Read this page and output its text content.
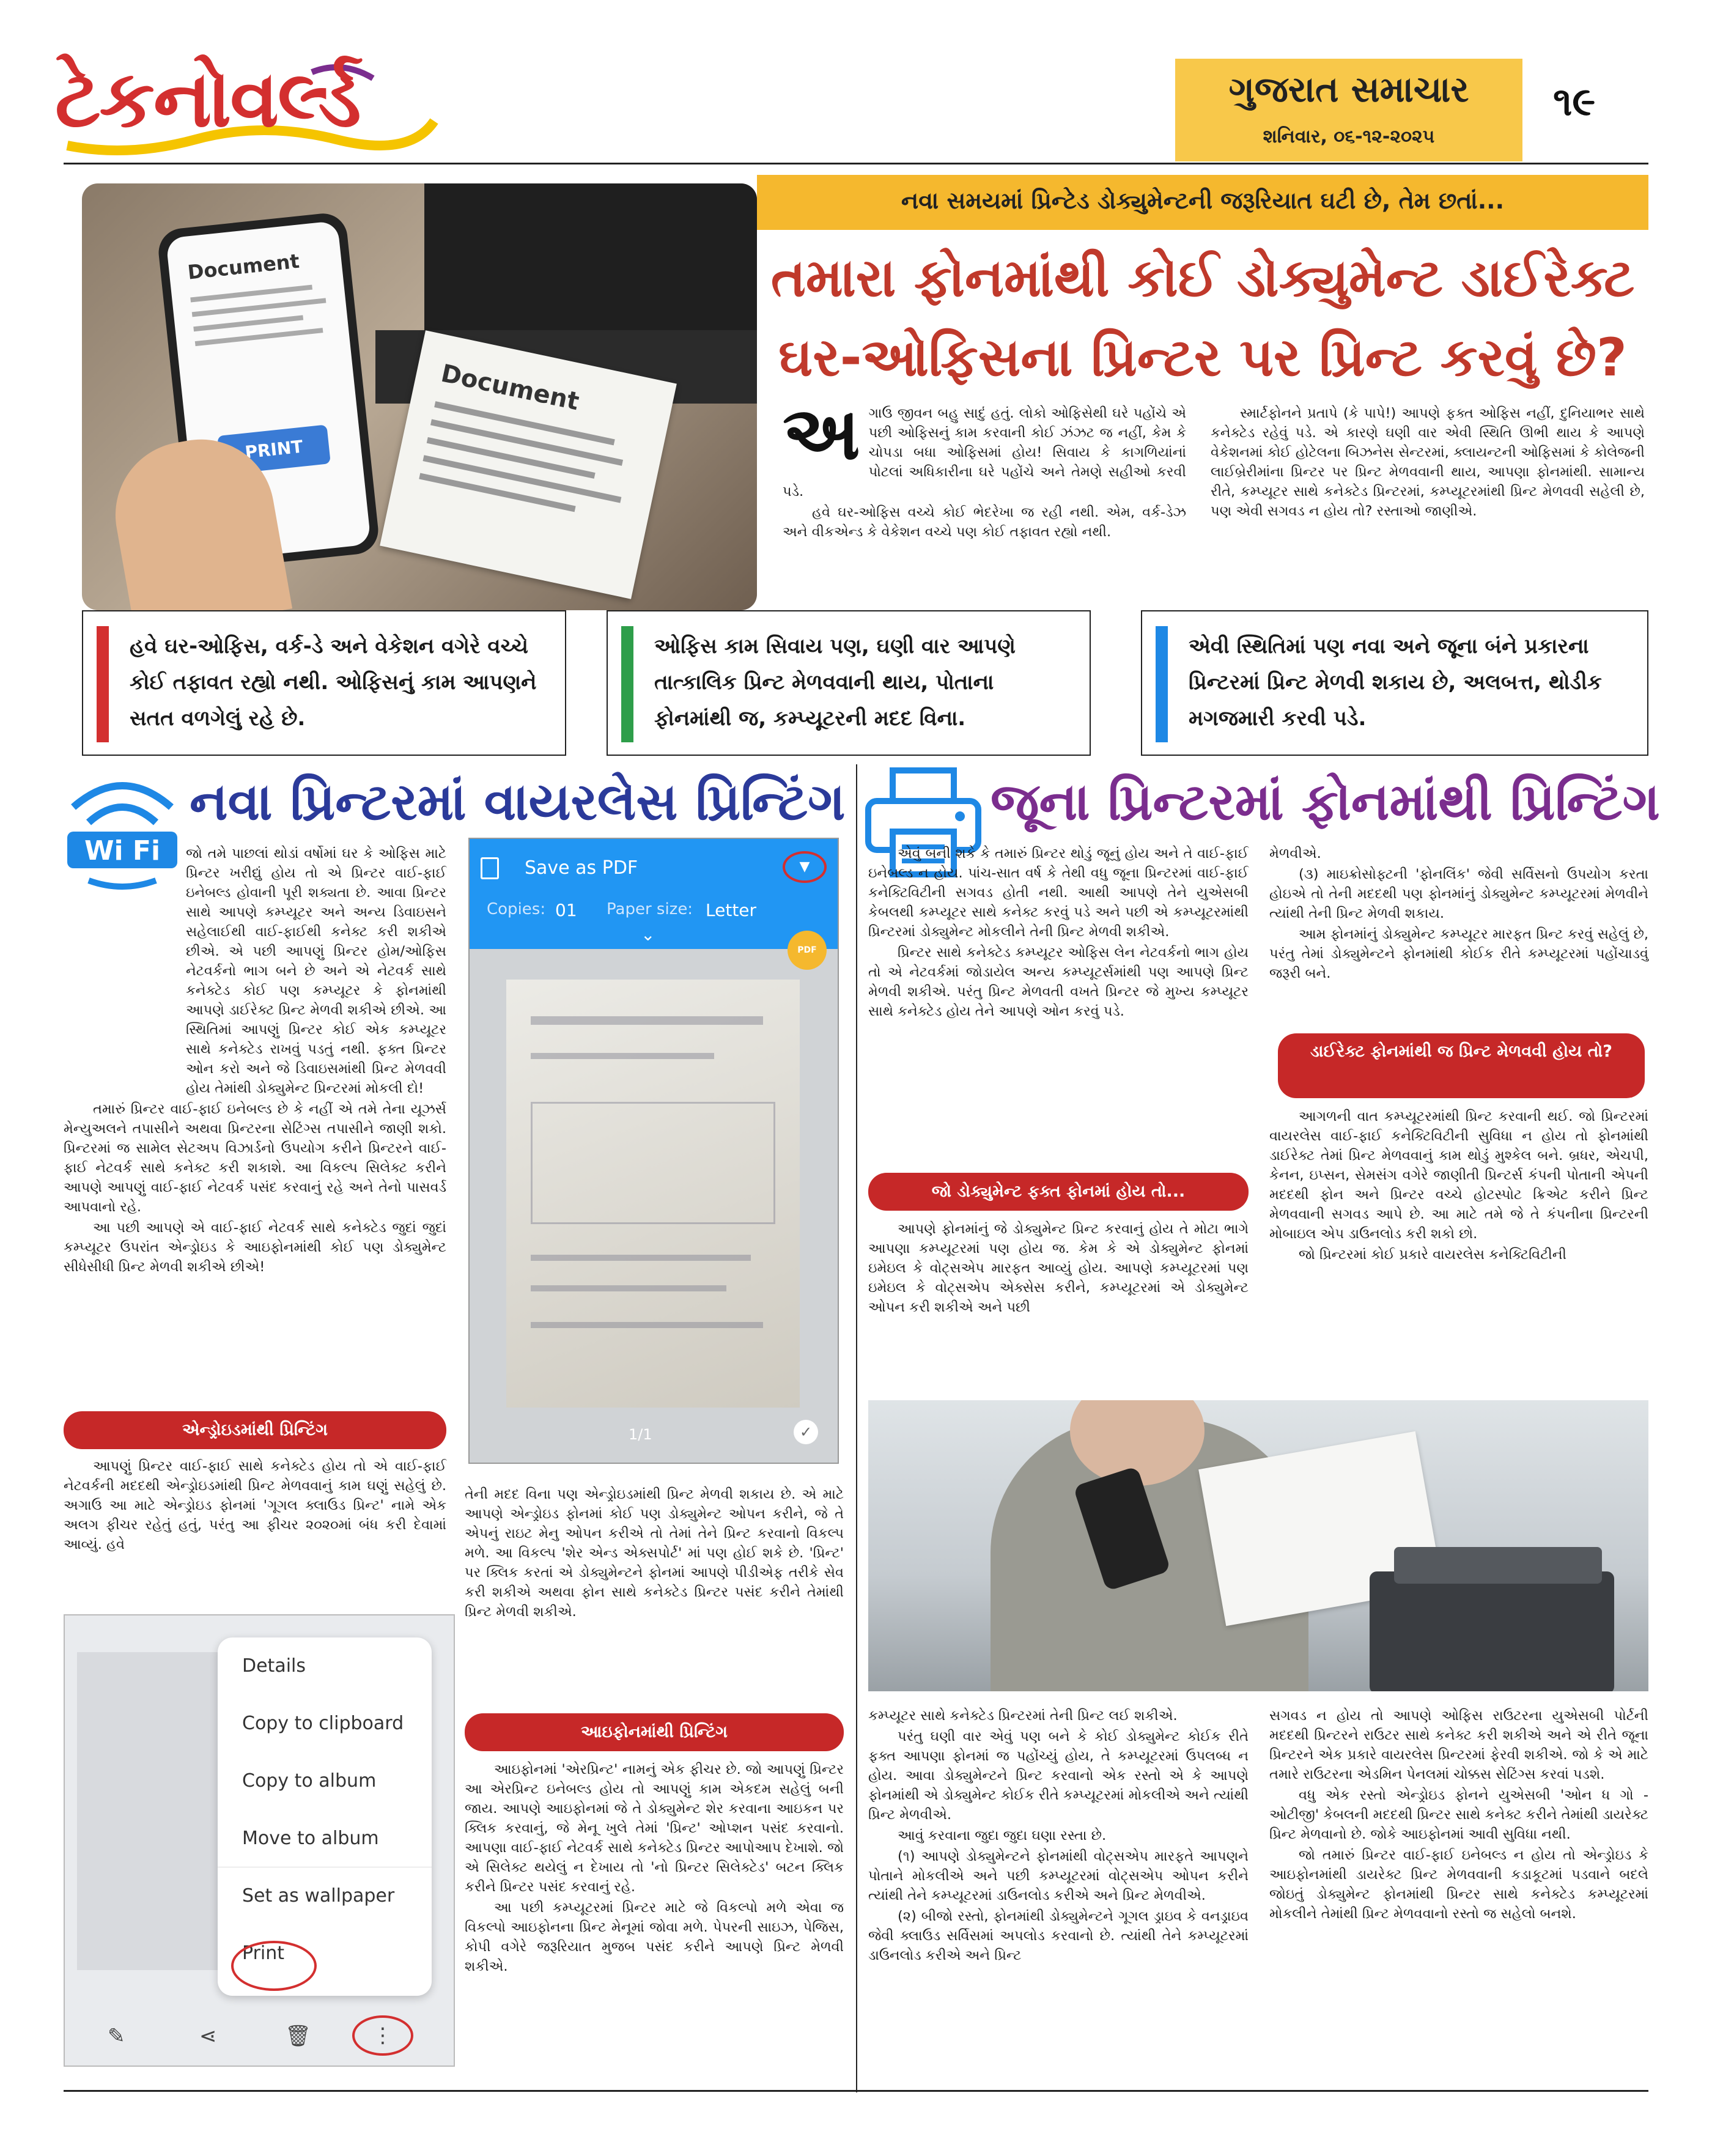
ટેકનોવર્લ્ડ	ગુજરાત સમાચાર
શનિવાર, ૦૬-૧૨-૨૦૨૫
૧૯
Document
Document
PRINT
નવા સમયમાં પ્રિન્ટેડ ડોક્યુમેન્ટની જરૂરિયાત ઘટી છે, તેમ છતાં...
તમારા ફોનમાંથી કોઈ ડોક્યુમેન્ટ ડાઈરેક્ટ
ઘર-ઓફિસના પ્રિન્ટર પર પ્રિન્ટ કરવું છે?
અ ગાઉ જીવન બહુ સાદું હતું. લોકો ઓફિસેથી ઘરે પહોંચે એ પછી ઓફિસનું કામ કરવાની કોઈ ઝંઝટ જ નહીં, કેમ કે ચોપડા બધા ઓફિસમાં હોય! સિવાય કે કાગળિયાંનાં પોટલાં અધિકારીના ઘરે પહોંચે અને તેમણે સહીઓ કરવી પડે.

હવે ઘર-ઓફિસ વચ્ચે કોઈ ભેદરેખા જ રહી નથી. એમ, વર્ક-ડેઝ અને વીકએન્ડ કે વેકેશન વચ્ચે પણ કોઈ તફાવત રહ્યો નથી.

સ્માર્ટફોનને પ્રતાપે (કે પાપે!) આપણે ફક્ત ઓફિસ નહીં, દુનિયાભર સાથે કનેક્ટેડ રહેવું પડે. એ કારણે ઘણી વાર એવી સ્થિતિ ઊભી થાય કે આપણે વેકેશનમાં કોઈ હોટેલના બિઝનેસ સેન્ટરમાં, ક્લાયન્ટની ઓફિસમાં કે કોલેજની લાઈબ્રેરીમાંના પ્રિન્ટર પર પ્રિન્ટ મેળવવાની થાય, આપણા ફોનમાંથી. સામાન્ય રીતે, કમ્પ્યૂટર સાથે કનેક્ટેડ પ્રિન્ટરમાં, કમ્પ્યૂટરમાંથી પ્રિન્ટ મેળવવી સહેલી છે, પણ એવી સગવડ ન હોય તો? રસ્તાઓ જાણીએ.

હવે ઘર-ઓફિસ, વર્ક-ડે અને વેકેશન વગેરે વચ્ચે કોઈ તફાવત રહ્યો નથી. ઓફિસનું કામ આપણને સતત વળગેલું રહે છે.
ઓફિસ કામ સિવાય પણ, ઘણી વાર આપણે તાત્કાલિક પ્રિન્ટ મેળવવાની થાય, પોતાના ફોનમાંથી જ, કમ્પ્યૂટરની મદદ વિના.
એવી સ્થિતિમાં પણ નવા અને જૂના બંને પ્રકારના પ્રિન્ટરમાં પ્રિન્ટ મેળવી શકાય છે, અલબત્ત, થોડીક મગજમારી કરવી પડે.
Wi Fi
નવા પ્રિન્ટરમાં વાયરલેસ પ્રિન્ટિંગ

જો તમે પાછલાં થોડાં વર્ષોમાં ઘર કે ઓફિસ માટે પ્રિન્ટર ખરીદ્યું હોય તો એ પ્રિન્ટર વાઈ-ફાઈ ઇનેબલ્ડ હોવાની પૂરી શક્યતા છે. આવા પ્રિન્ટર સાથે આપણે કમ્પ્યૂટર અને અન્ય ડિવાઇસને સહેલાઈથી વાઈ-ફાઈથી કનેક્ટ કરી શકીએ છીએ. એ પછી આપણું પ્રિન્ટર હોમ/ઓફિસ નેટવર્કનો ભાગ બને છે અને એ નેટવર્ક સાથે કનેક્ટેડ કોઈ પણ કમ્પ્યૂટર કે ફોનમાંથી આપણે ડાઈરેક્ટ પ્રિન્ટ મેળવી શકીએ છીએ. આ સ્થિતિમાં આપણું પ્રિન્ટર કોઈ એક કમ્પ્યૂટર સાથે કનેક્ટેડ રાખવું પડતું નથી. ફક્ત પ્રિન્ટર ઓન કરો અને જે ડિવાઇસમાંથી પ્રિન્ટ મેળવવી હોય તેમાંથી ડોક્યુમેન્ટ પ્રિન્ટરમાં મોકલી દો!

તમારું પ્રિન્ટર વાઈ-ફાઈ ઇનેબલ્ડ છે કે નહીં એ તમે તેના યૂઝર્સ મેન્યુઅલને તપાસીને અથવા પ્રિન્ટરના સેટિંગ્સ તપાસીને જાણી શકો. પ્રિન્ટરમાં જ સામેલ સેટઅપ વિઝાર્ડનો ઉપયોગ કરીને પ્રિન્ટરને વાઈ-ફાઈ નેટવર્ક સાથે કનેક્ટ કરી શકાશે. આ વિકલ્પ સિલેક્ટ કરીને આપણે આપણું વાઈ-ફાઈ નેટવર્ક પસંદ કરવાનું રહે અને તેનો પાસવર્ડ આપવાનો રહે.

આ પછી આપણે એ વાઈ-ફાઈ નેટવર્ક સાથે કનેક્ટેડ જુદાં જુદાં કમ્પ્યૂટર ઉપરાંત એન્ડ્રોઇડ કે આઇફોનમાંથી કોઈ પણ ડોક્યુમેન્ટ સીધેસીધી પ્રિન્ટ મેળવી શકીએ છીએ!

એન્ડ્રોઇડમાંથી પ્રિન્ટિંગ

આપણું પ્રિન્ટર વાઈ-ફાઈ સાથે કનેક્ટેડ હોય તો એ વાઈ-ફાઈ નેટવર્કની મદદથી એન્ડ્રોઇડમાંથી પ્રિન્ટ મેળવવાનું કામ ઘણું સહેલું છે. અગાઉ આ માટે એન્ડ્રોઇડ ફોનમાં 'ગૂગલ ક્લાઉડ પ્રિન્ટ' નામે એક અલગ ફીચર રહેતું હતું, પરંતુ આ ફીચર ૨૦૨૦માં બંધ કરી દેવામાં આવ્યું. હવે

Save as PDF	▼
Copies: 01 Paper size: Letter
⌄
PDF
1/1	✓

તેની મદદ વિના પણ એન્ડ્રોઇડમાંથી પ્રિન્ટ મેળવી શકાય છે. એ માટે આપણે એન્ડ્રોઇડ ફોનમાં કોઈ પણ ડોક્યુમેન્ટ ઓપન કરીને, જે તે એપનું રાઇટ મેનુ ઓપન કરીએ તો તેમાં તેને પ્રિન્ટ કરવાનો વિકલ્પ મળે. આ વિકલ્પ 'શેર એન્ડ એક્સપોર્ટ' માં પણ હોઈ શકે છે. 'પ્રિન્ટ' પર ક્લિક કરતાં એ ડોક્યુમેન્ટને ફોનમાં આપણે પીડીએફ તરીકે સેવ કરી શકીએ અથવા ફોન સાથે કનેક્ટેડ પ્રિન્ટર પસંદ કરીને તેમાંથી પ્રિન્ટ મેળવી શકીએ.

આઇફોનમાંથી પ્રિન્ટિંગ

આઇફોનમાં 'એરપ્રિન્ટ' નામનું એક ફીચર છે. જો આપણું પ્રિન્ટર આ એરપ્રિન્ટ ઇનેબલ્ડ હોય તો આપણું કામ એકદમ સહેલું બની જાય. આપણે આઇફોનમાં જે તે ડોક્યુમેન્ટ શેર કરવાના આઇકન પર ક્લિક કરવાનું, જે મેનૂ ખુલે તેમાં 'પ્રિન્ટ' ઓપ્શન પસંદ કરવાનો. આપણા વાઈ-ફાઈ નેટવર્ક સાથે કનેક્ટેડ પ્રિન્ટર આપોઆપ દેખાશે. જો એ સિલેક્ટ થયેલું ન દેખાય તો 'નો પ્રિન્ટર સિલેક્ટેડ' બટન ક્લિક કરીને પ્રિન્ટર પસંદ કરવાનું રહે.

આ પછી કમ્પ્યૂટરમાં પ્રિન્ટર માટે જે વિકલ્પો મળે એવા જ વિકલ્પો આઇફોનના પ્રિન્ટ મેનૂમાં જોવા મળે. પેપરની સાઇઝ, પેજિસ, કોપી વગેરે જરૂરિયાત મુજબ પસંદ કરીને આપણે પ્રિન્ટ મેળવી શકીએ.

Details
Copy to clipboard
Copy to album
Move to album
Set as wallpaper
Print
✎	⋖	🗑	⋮
જૂના પ્રિન્ટરમાં ફોનમાંથી પ્રિન્ટિંગ

એવું બની શકે કે તમારું પ્રિન્ટર થોડું જૂનું હોય અને તે વાઈ-ફાઈ ઇનેબલ્ડ ન હોય. પાંચ-સાત વર્ષ કે તેથી વધુ જૂના પ્રિન્ટરમાં વાઈ-ફાઈ કનેક્ટિવિટીની સગવડ હોતી નથી. આથી આપણે તેને યુએસબી કેબલથી કમ્પ્યૂટર સાથે કનેક્ટ કરવું પડે અને પછી એ કમ્પ્યૂટરમાંથી પ્રિન્ટરમાં ડોક્યુમેન્ટ મોકલીને તેની પ્રિન્ટ મેળવી શકીએ.

પ્રિન્ટર સાથે કનેક્ટેડ કમ્પ્યૂટર ઓફિસ લેન નેટવર્કનો ભાગ હોય તો એ નેટવર્કમાં જોડાયેલ અન્ય કમ્પ્યૂટર્સમાંથી પણ આપણે પ્રિન્ટ મેળવી શકીએ. પરંતુ પ્રિન્ટ મેળવતી વખતે પ્રિન્ટર જે મુખ્ય કમ્પ્યૂટર સાથે કનેક્ટેડ હોય તેને આપણે ઓન કરવું પડે.

જો ડોક્યુમેન્ટ ફક્ત ફોનમાં હોય તો...

આપણે ફોનમાંનું જે ડોક્યુમેન્ટ પ્રિન્ટ કરવાનું હોય તે મોટા ભાગે આપણા કમ્પ્યૂટરમાં પણ હોય જ. કેમ કે એ ડોક્યુમેન્ટ ફોનમાં ઇમેઇલ કે વોટ્સએપ મારફત આવ્યું હોય. આપણે કમ્પ્યૂટરમાં પણ ઇમેઇલ કે વોટ્સએપ એક્સેસ કરીને, કમ્પ્યૂટરમાં એ ડોક્યુમેન્ટ ઓપન કરી શકીએ અને પછી

મેળવીએ.

(૩) માઇક્રોસોફ્ટની 'ફોનલિંક' જેવી સર્વિસનો ઉપયોગ કરતા હોઇએ તો તેની મદદથી પણ ફોનમાંનું ડોક્યુમેન્ટ કમ્પ્યૂટરમાં મેળવીને ત્યાંથી તેની પ્રિન્ટ મેળવી શકાય.

આમ ફોનમાંનું ડોક્યુમેન્ટ કમ્પ્યૂટર મારફત પ્રિન્ટ કરવું સહેલું છે, પરંતુ તેમાં ડોક્યુમેન્ટને ફોનમાંથી કોઈક રીતે કમ્પ્યૂટરમાં પહોંચાડવું જરૂરી બને.

ડાઈરેક્ટ ફોનમાંથી જ પ્રિન્ટ મેળવવી હોય તો?

આગળની વાત કમ્પ્યૂટરમાંથી પ્રિન્ટ કરવાની થઈ. જો પ્રિન્ટરમાં વાયરલેસ વાઈ-ફાઈ કનેક્ટિવિટીની સુવિધા ન હોય તો ફોનમાંથી ડાઈરેક્ટ તેમાં પ્રિન્ટ મેળવવાનું કામ થોડું મુશ્કેલ બને. બ્રધર, એચપી, કેનન, ઇપ્સન, સેમસંગ વગેરે જાણીતી પ્રિન્ટર્સ કંપની પોતાની એપની મદદથી ફોન અને પ્રિન્ટર વચ્ચે હોટસ્પોટ ક્રિએટ કરીને પ્રિન્ટ મેળવવાની સગવડ આપે છે. આ માટે તમે જે તે કંપનીના પ્રિન્ટરની મોબાઇલ એપ ડાઉનલોડ કરી શકો છો.

જો પ્રિન્ટરમાં કોઈ પ્રકારે વાયરલેસ કનેક્ટિવિટીની

કમ્પ્યૂટર સાથે કનેક્ટેડ પ્રિન્ટરમાં તેની પ્રિન્ટ લઈ શકીએ.

પરંતુ ઘણી વાર એવું પણ બને કે કોઈ ડોક્યુમેન્ટ કોઈક રીતે ફક્ત આપણા ફોનમાં જ પહોંચ્યું હોય, તે કમ્પ્યૂટરમાં ઉપલબ્ધ ન હોય. આવા ડોક્યુમેન્ટને પ્રિન્ટ કરવાનો એક રસ્તો એ કે આપણે ફોનમાંથી એ ડોક્યુમેન્ટ કોઈક રીતે કમ્પ્યૂટરમાં મોકલીએ અને ત્યાંથી પ્રિન્ટ મેળવીએ.

આવું કરવાના જુદા જુદા ઘણા રસ્તા છે.

(૧) આપણે ડોક્યુમેન્ટને ફોનમાંથી વોટ્સએપ મારફતે આપણને પોતાને મોકલીએ અને પછી કમ્પ્યૂટરમાં વોટ્સએપ ઓપન કરીને ત્યાંથી તેને કમ્પ્યૂટરમાં ડાઉનલોડ કરીએ અને પ્રિન્ટ મેળવીએ.

(૨) બીજો રસ્તો, ફોનમાંથી ડોક્યુમેન્ટને ગૂગલ ડ્રાઇવ કે વનડ્રાઇવ જેવી ક્લાઉડ સર્વિસમાં અપલોડ કરવાનો છે. ત્યાંથી તેને કમ્પ્યૂટરમાં ડાઉનલોડ કરીએ અને પ્રિન્ટ

સગવડ ન હોય તો આપણે ઓફિસ રાઉટરના યુએસબી પોર્ટની મદદથી પ્રિન્ટરને રાઉટર સાથે કનેક્ટ કરી શકીએ અને એ રીતે જૂના પ્રિન્ટરને એક પ્રકારે વાયરલેસ પ્રિન્ટરમાં ફેરવી શકીએ. જો કે એ માટે તમારે રાઉટરના એડમિન પેનલમાં ચોક્કસ સેટિંગ્સ કરવાં પડશે.

વધુ એક રસ્તો એન્ડ્રોઇડ ફોનને યુએસબી 'ઓન ધ ગો - ઓટીજી' કેબલની મદદથી પ્રિન્ટર સાથે કનેક્ટ કરીને તેમાંથી ડાયરેક્ટ પ્રિન્ટ મેળવાનો છે. જોકે આઇફોનમાં આવી સુવિધા નથી.

જો તમારું પ્રિન્ટર વાઈ-ફાઈ ઇનેબલ્ડ ન હોય તો એન્ડ્રોઇડ કે આઇફોનમાંથી ડાયરેક્ટ પ્રિન્ટ મેળવવાની કડાકૂટમાં પડવાને બદલે જોઇતું ડોક્યુમેન્ટ ફોનમાંથી પ્રિન્ટર સાથે કનેક્ટેડ કમ્પ્યૂટરમાં મોકલીને તેમાંથી પ્રિન્ટ મેળવવાનો રસ્તો જ સહેલો બનશે.
